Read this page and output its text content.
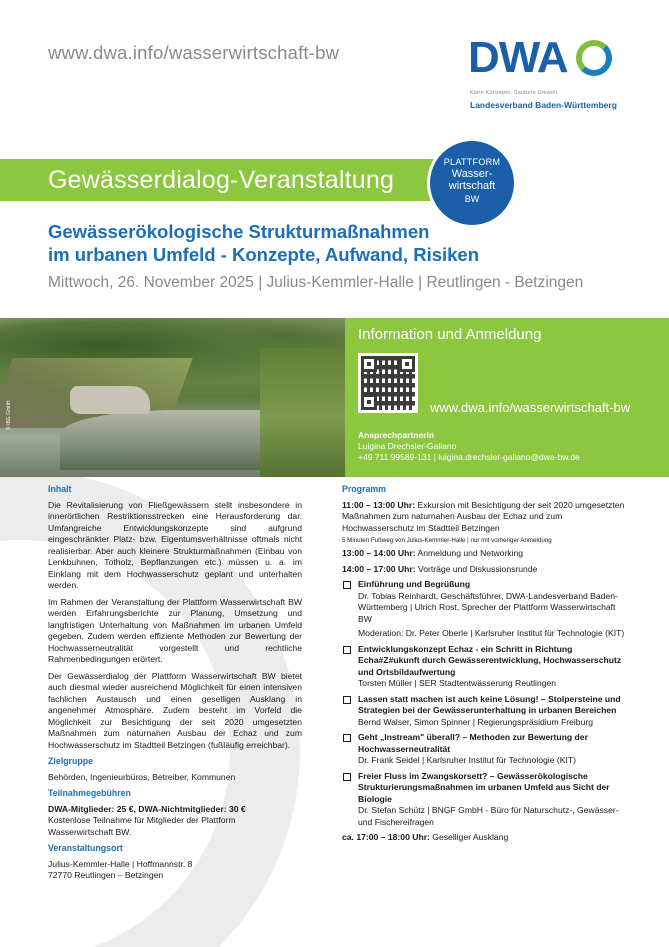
www.dwa.info/wasserwirtschaft-bw	DWA
Klare Konzepte. Saubere Umwelt.
Landesverband Baden-Württemberg
Gewässerdialog-Veranstaltung
PLATTFORM
Wasser-
wirtschaft
BW
Gewässerökologische Strukturmaßnahmen
im urbanen Umfeld - Konzepte, Aufwand, Risiken
Mittwoch, 26. November 2025 | Julius-Kemmler-Halle | Reutlingen - Betzingen
© IBG GmbH
Information und Anmeldung
www.dwa.info/wasserwirtschaft-bw
Ansprechpartnerin
Luigina Drechsler-Galiano
+49 711 99589-131 | luigina.drechsler-galiano@dwa-bw.de
Inhalt
Die Revitalisierung von Fließgewässern stellt insbesondere in innerörtlichen Restriktionsstrecken eine Herausforderung dar. Umfangreiche Entwicklungskonzepte sind aufgrund eingeschränkter Platz- bzw. Eigentumsverhältnisse oftmals nicht realisierbar. Aber auch kleinere Strukturmaßnahmen (Einbau von Lenkbuhnen, Totholz, Bepflanzungen etc.) müssen u. a. im Einklang mit dem Hochwasserschutz geplant und unterhalten werden.
Im Rahmen der Veranstaltung der Plattform Wasserwirtschaft BW werden Erfahrungsberichte zur Planung, Umsetzung und langfristigen Unterhaltung von Maßnahmen im urbanen Umfeld gegeben. Zudem werden effiziente Methoden zur Bewertung der Hochwasserneutralität vorgestellt und rechtliche Rahmenbedingungen erörtert.
Der Gewässerdialog der Plattform Wasserwirtschaft BW bietet auch diesmal wieder ausreichend Möglichkeit für einen intensiven fachlichen Austausch und einen geselligen Ausklang in angenehmer Atmosphäre. Zudem besteht im Vorfeld die Möglichkeit zur Besichtigung der seit 2020 umgesetzten Maßnahmen zum naturnahen Ausbau der Echaz und zum Hochwasserschutz im Stadtteil Betzingen (fußläufig erreichbar).
Zielgruppe
Behörden, Ingenieurbüros, Betreiber, Kommunen
Teilnahmegebühren
DWA-Mitglieder: 25 €, DWA-Nichtmitglieder: 30 €
Kostenlose Teilnahme für Mitglieder der Plattform Wasserwirtschaft BW.
Veranstaltungsort
Julius-Kemmler-Halle | Hoffmannstr. 8
72770 Reutlingen – Betzingen
Programm
11:00 – 13:00 Uhr: Exkursion mit Besichtigung der seit 2020 umgesetzten Maßnahmen zum naturnahen Ausbau der Echaz und zum Hochwasserschutz im Stadtteil Betzingen
5 Minuten Fußweg von Julius-Kemmler-Halle | nur mit vorheriger Anmeldung
13:00 – 14:00 Uhr: Anmeldung und Networking
14:00 – 17:00 Uhr: Vorträge und Diskussionsrunde
Einführung und Begrüßung
Dr. Tobias Reinhardt, Geschäftsführer, DWA-Landesverband Baden-Württemberg | Ulrich Rost, Sprecher der Plattform Wasserwirtschaft BW
Moderation: Dr. Peter Oberle | Karlsruher Institut für Technologie (KIT)
Entwicklungskonzept Echaz - ein Schritt in Richtung Echa#Z#ukunft durch Gewässerentwicklung, Hochwasserschutz und Ortsbildaufwertung
Torsten Müller | SER Stadtentwässerung Reutlingen
Lassen statt machen ist auch keine Lösung! – Stolpersteine und Strategien bei der Gewässerunterhaltung in urbanen Bereichen
Bernd Walser, Simon Spinner | Regierungspräsidium Freiburg
Geht „Instream" überall? – Methoden zur Bewertung der Hochwasserneutralität
Dr. Frank Seidel | Karlsruher Institut für Technologie (KIT)
Freier Fluss im Zwangskorsett? – Gewässerökologische Strukturierungsmaßnahmen im urbanen Umfeld aus Sicht der Biologie
Dr. Stefan Schütz | BNGF GmbH - Büro für Naturschutz-, Gewässer- und Fischereifragen
ca. 17:00 – 18:00 Uhr: Geselliger Ausklang
